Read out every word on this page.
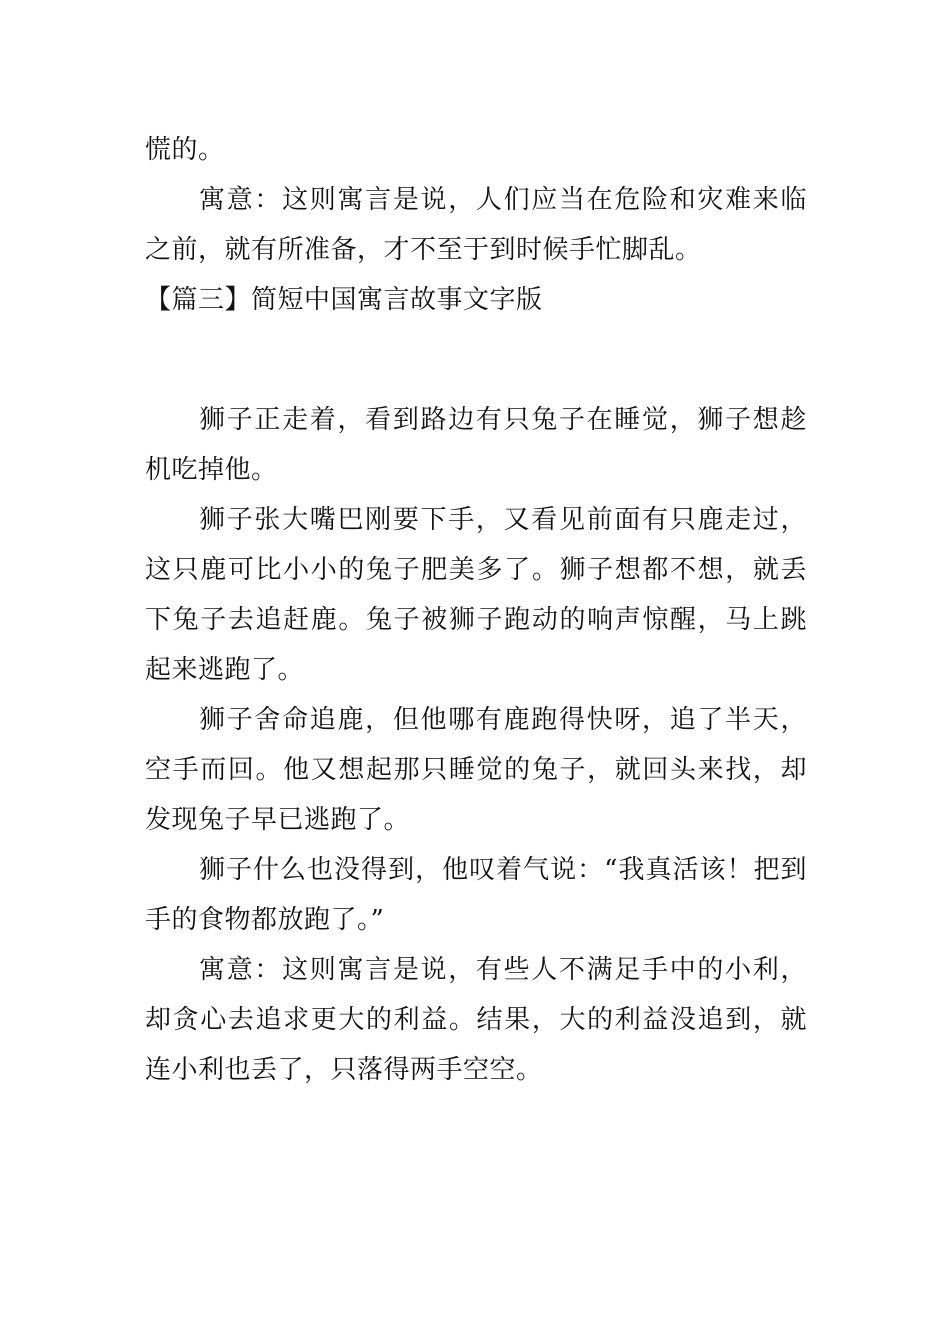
慌的。

寓意：这则寓言是说，人们应当在危险和灾难来临之前，就有所准备，才不至于到时候手忙脚乱。

【篇三】简短中国寓言故事文字版

狮子正走着，看到路边有只兔子在睡觉，狮子想趁机吃掉他。

狮子张大嘴巴刚要下手，又看见前面有只鹿走过，这只鹿可比小小的兔子肥美多了。狮子想都不想，就丢下兔子去追赶鹿。兔子被狮子跑动的响声惊醒，马上跳起来逃跑了。

狮子舍命追鹿，但他哪有鹿跑得快呀，追了半天，空手而回。他又想起那只睡觉的兔子，就回头来找，却发现兔子早已逃跑了。

狮子什么也没得到，他叹着气说：“我真活该！把到手的食物都放跑了。”

寓意：这则寓言是说，有些人不满足手中的小利，却贪心去追求更大的利益。结果，大的利益没追到，就连小利也丢了，只落得两手空空。
